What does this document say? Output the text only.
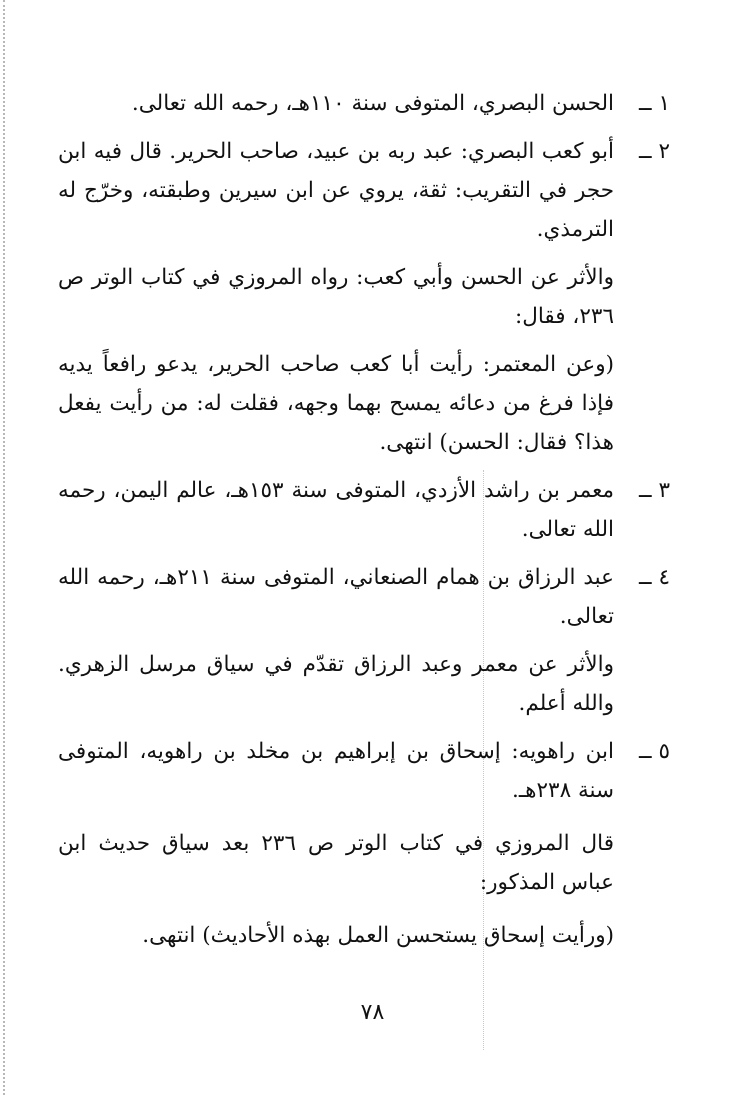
١ ــ
الحسن البصري، المتوفى سنة ١١٠هـ، رحمه الله تعالى.
٢ ــ
أبو كعب البصري: عبد ربه بن عبيد، صاحب الحرير. قال فيه ابن حجر في التقريب: ثقة، يروي عن ابن سيرين وطبقته، وخرّج له الترمذي.
والأثر عن الحسن وأبي كعب: رواه المروزي في كتاب الوتر ص ٢٣٦، فقال:
(وعن المعتمر: رأيت أبا كعب صاحب الحرير، يدعو رافعاً يديه فإذا فرغ من دعائه يمسح بهما وجهه، فقلت له: من رأيت يفعل هذا؟ فقال: الحسن) انتهى.
٣ ــ
معمر بن راشد الأزدي، المتوفى سنة ١٥٣هـ، عالم اليمن، رحمه الله تعالى.
٤ ــ
عبد الرزاق بن همام الصنعاني، المتوفى سنة ٢١١هـ، رحمه الله تعالى.
والأثر عن معمر وعبد الرزاق تقدّم في سياق مرسل الزهري. والله أعلم.
٥ ــ
ابن راهويه: إسحاق بن إبراهيم بن مخلد بن راهويه، المتوفى سنة ٢٣٨هـ.
قال المروزي في كتاب الوتر ص ٢٣٦ بعد سياق حديث ابن عباس المذكور:
(ورأيت إسحاق يستحسن العمل بهذه الأحاديث) انتهى.
٧٨
